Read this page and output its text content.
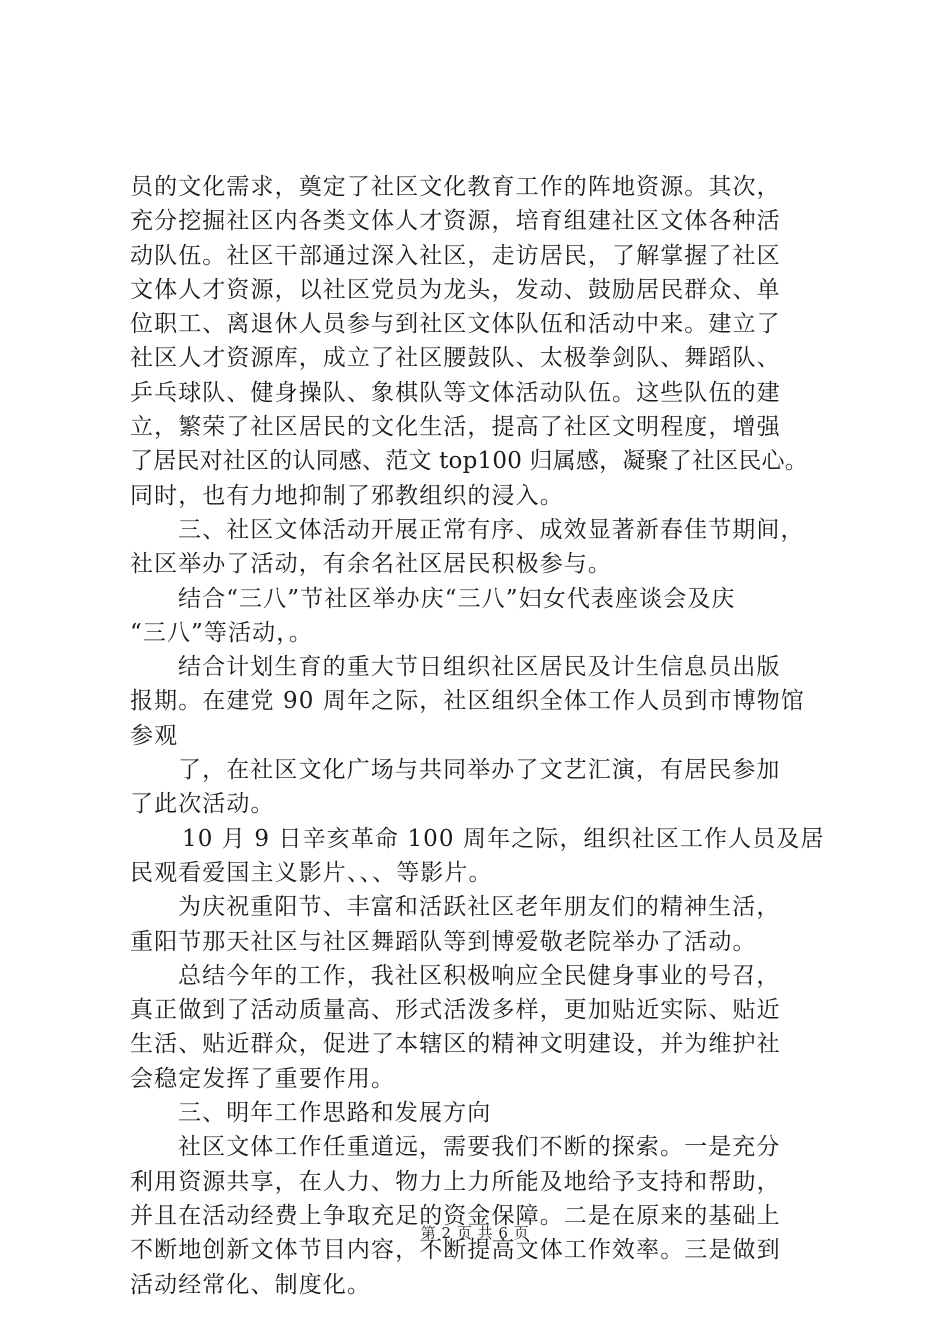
员的文化需求，奠定了社区文化教育工作的阵地资源。其次，
充分挖掘社区内各类文体人才资源，培育组建社区文体各种活
动队伍。社区干部通过深入社区，走访居民，了解掌握了社区
文体人才资源，以社区党员为龙头，发动、鼓励居民群众、单
位职工、离退休人员参与到社区文体队伍和活动中来。建立了
社区人才资源库，成立了社区腰鼓队、太极拳剑队、舞蹈队、
乒乓球队、健身操队、象棋队等文体活动队伍。这些队伍的建
立，繁荣了社区居民的文化生活，提高了社区文明程度，增强
了居民对社区的认同感、范文 top100 归属感，凝聚了社区民心。
同时，也有力地抑制了邪教组织的浸入。
三、社区文体活动开展正常有序、成效显著新春佳节期间，
社区举办了活动，有余名社区居民积极参与。
结合“三八”节社区举办庆“三八”妇女代表座谈会及庆
“三八”等活动，。
结合计划生育的重大节日组织社区居民及计生信息员出版
报期。在建党 90 周年之际，社区组织全体工作人员到市博物馆
参观
了，在社区文化广场与共同举办了文艺汇演，有居民参加
了此次活动。
10 月 9 日辛亥革命 100 周年之际，组织社区工作人员及居
民观看爱国主义影片、、、等影片。
为庆祝重阳节、丰富和活跃社区老年朋友们的精神生活，
重阳节那天社区与社区舞蹈队等到博爱敬老院举办了活动。
总结今年的工作，我社区积极响应全民健身事业的号召，
真正做到了活动质量高、形式活泼多样，更加贴近实际、贴近
生活、贴近群众，促进了本辖区的精神文明建设，并为维护社
会稳定发挥了重要作用。
三、明年工作思路和发展方向
社区文体工作任重道远，需要我们不断的探索。一是充分
利用资源共享，在人力、物力上力所能及地给予支持和帮助，
并且在活动经费上争取充足的资金保障。二是在原来的基础上
不断地创新文体节目内容，不断提高文体工作效率。三是做到
活动经常化、制度化。
第 2 页 共 6 页
